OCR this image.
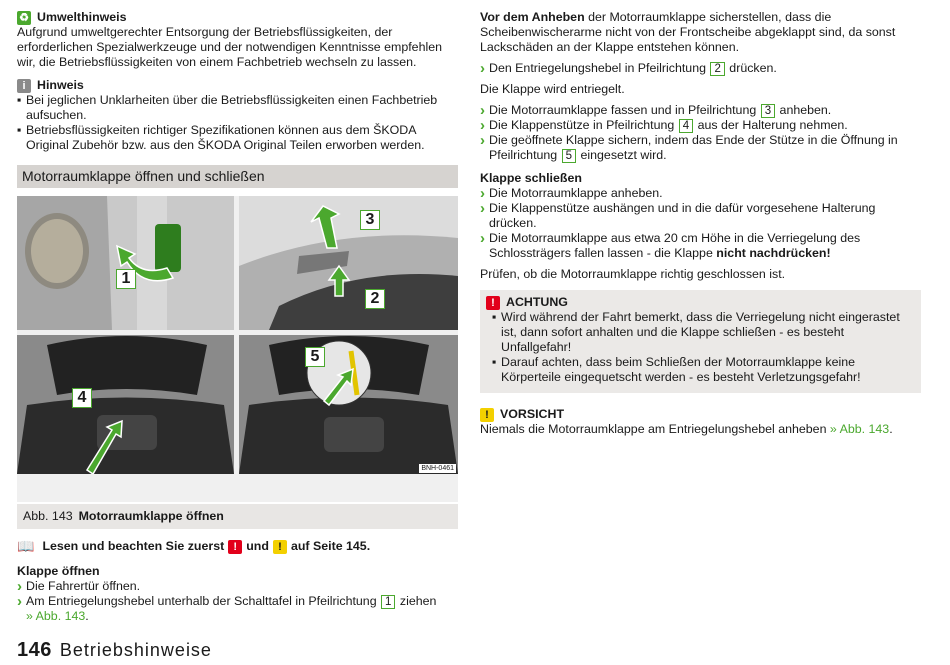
♻ Umwelthinweis

Aufgrund umweltgerechter Entsorgung der Betriebsflüssigkeiten, der erforderlichen Spezialwerkzeuge und der notwendigen Kenntnisse empfehlen wir, die Betriebsflüssigkeiten von einem Fachbetrieb wechseln zu lassen.

i Hinweis

▪ Bei jeglichen Unklarheiten über die Betriebsflüssigkeiten einen Fachbetrieb aufsuchen.

▪ Betriebsflüssigkeiten richtiger Spezifikationen können aus dem ŠKODA Original Zubehör bzw. aus den ŠKODA Original Teilen erworben werden.

Motorraumklappe öffnen und schließen
1
3
2
4
5
BNH-0461
Abb. 143 Motorraumklappe öffnen
📖 Lesen und beachten Sie zuerst ! und ! auf Seite 145.

Klappe öffnen

› Die Fahrertür öffnen.

› Am Entriegelungshebel unterhalb der Schalttafel in Pfeilrichtung 1 ziehen
» Abb. 143.

Vor dem Anheben der Motorraumklappe sicherstellen, dass die Scheibenwischerarme nicht von der Frontscheibe abgeklappt sind, da sonst Lackschäden an der Klappe entstehen können.

› Den Entriegelungshebel in Pfeilrichtung 2 drücken.

Die Klappe wird entriegelt.

› Die Motorraumklappe fassen und in Pfeilrichtung 3 anheben.

› Die Klappenstütze in Pfeilrichtung 4 aus der Halterung nehmen.

› Die geöffnete Klappe sichern, indem das Ende der Stütze in die Öffnung in Pfeilrichtung 5 eingesetzt wird.

Klappe schließen

› Die Motorraumklappe anheben.

› Die Klappenstütze aushängen und in die dafür vorgesehene Halterung drücken.

› Die Motorraumklappe aus etwa 20 cm Höhe in die Verriegelung des Schlossträgers fallen lassen - die Klappe nicht nachdrücken!

Prüfen, ob die Motorraumklappe richtig geschlossen ist.

! ACHTUNG

▪ Wird während der Fahrt bemerkt, dass die Verriegelung nicht eingerastet ist, dann sofort anhalten und die Klappe schließen - es besteht Unfallgefahr!

▪ Darauf achten, dass beim Schließen der Motorraumklappe keine Körperteile eingequetscht werden - es besteht Verletzungsgefahr!

! VORSICHT

Niemals die Motorraumklappe am Entriegelungshebel anheben » Abb. 143.

146 Betriebshinweise
